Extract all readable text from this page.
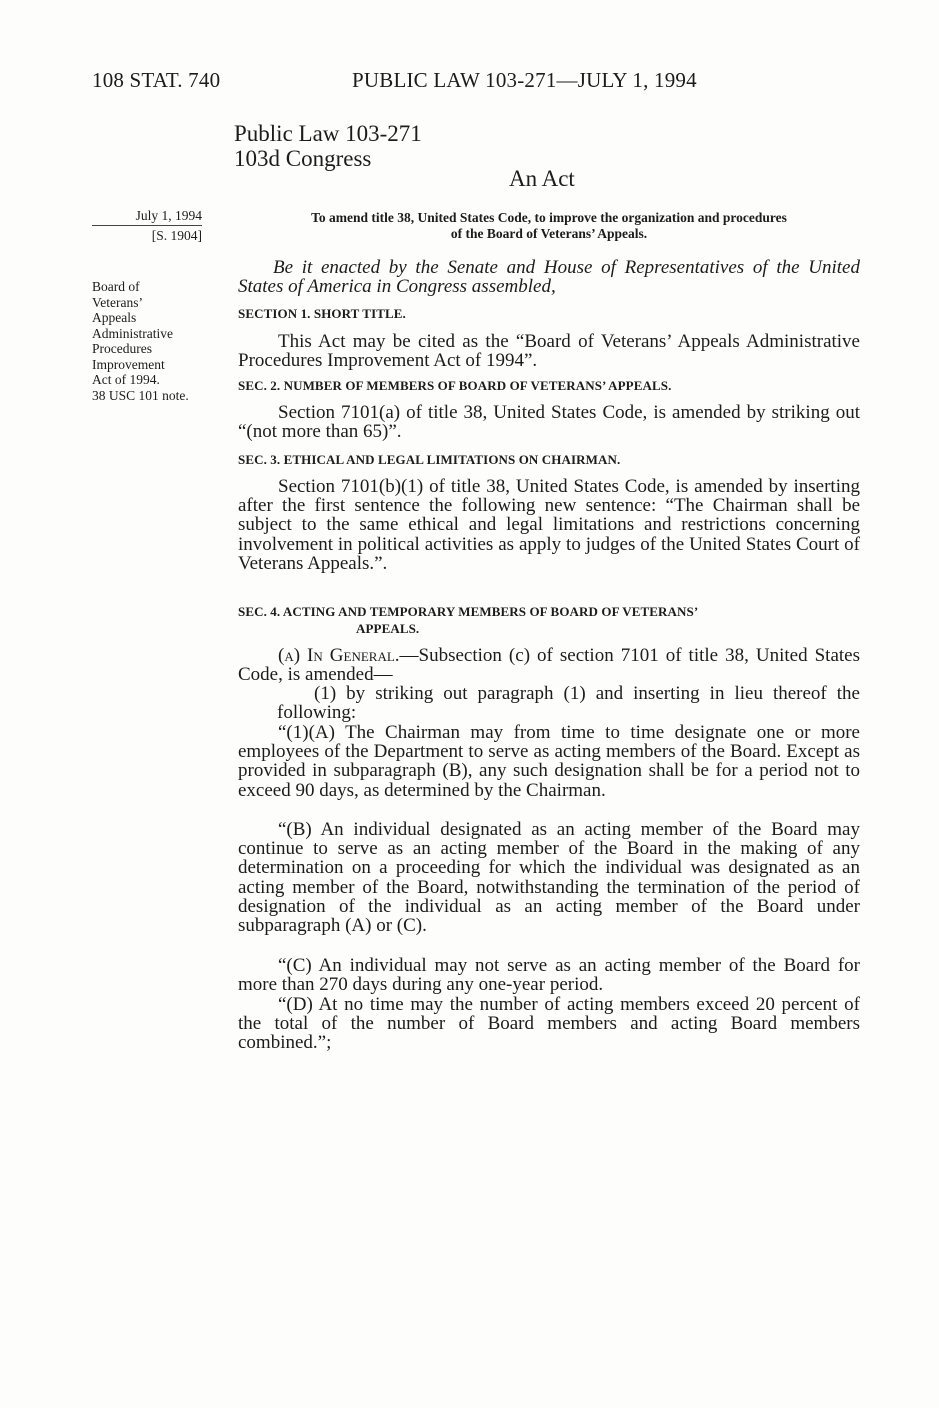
108 STAT. 740	PUBLIC LAW 103-271—JULY 1, 1994
Public Law 103-271
103d Congress
An Act
July 1, 1994
[S. 1904]
Board of
Veterans’
Appeals
Administrative
Procedures
Improvement
Act of 1994.
38 USC 101 note.
To amend title 38, United States Code, to improve the organization and procedures
of the Board of Veterans’ Appeals.
Be it enacted by the Senate and House of Representatives of the United States of America in Congress assembled,
SECTION 1. SHORT TITLE.
This Act may be cited as the “Board of Veterans’ Appeals Administrative Procedures Improvement Act of 1994”.
SEC. 2. NUMBER OF MEMBERS OF BOARD OF VETERANS’ APPEALS.
Section 7101(a) of title 38, United States Code, is amended by striking out “(not more than 65)”.
SEC. 3. ETHICAL AND LEGAL LIMITATIONS ON CHAIRMAN.
Section 7101(b)(1) of title 38, United States Code, is amended by inserting after the first sentence the following new sentence: “The Chairman shall be subject to the same ethical and legal limitations and restrictions concerning involvement in political activities as apply to judges of the United States Court of Veterans Appeals.”.
SEC. 4. ACTING AND TEMPORARY MEMBERS OF BOARD OF VETERANS’
APPEALS.
(a) In General.—Subsection (c) of section 7101 of title 38, United States Code, is amended—
(1) by striking out paragraph (1) and inserting in lieu thereof the following:
“(1)(A) The Chairman may from time to time designate one or more employees of the Department to serve as acting members of the Board. Except as provided in subparagraph (B), any such designation shall be for a period not to exceed 90 days, as determined by the Chairman.
“(B) An individual designated as an acting member of the Board may continue to serve as an acting member of the Board in the making of any determination on a proceeding for which the individual was designated as an acting member of the Board, notwithstanding the termination of the period of designation of the individual as an acting member of the Board under subparagraph (A) or (C).
“(C) An individual may not serve as an acting member of the Board for more than 270 days during any one-year period.
“(D) At no time may the number of acting members exceed 20 percent of the total of the number of Board members and acting Board members combined.”;
